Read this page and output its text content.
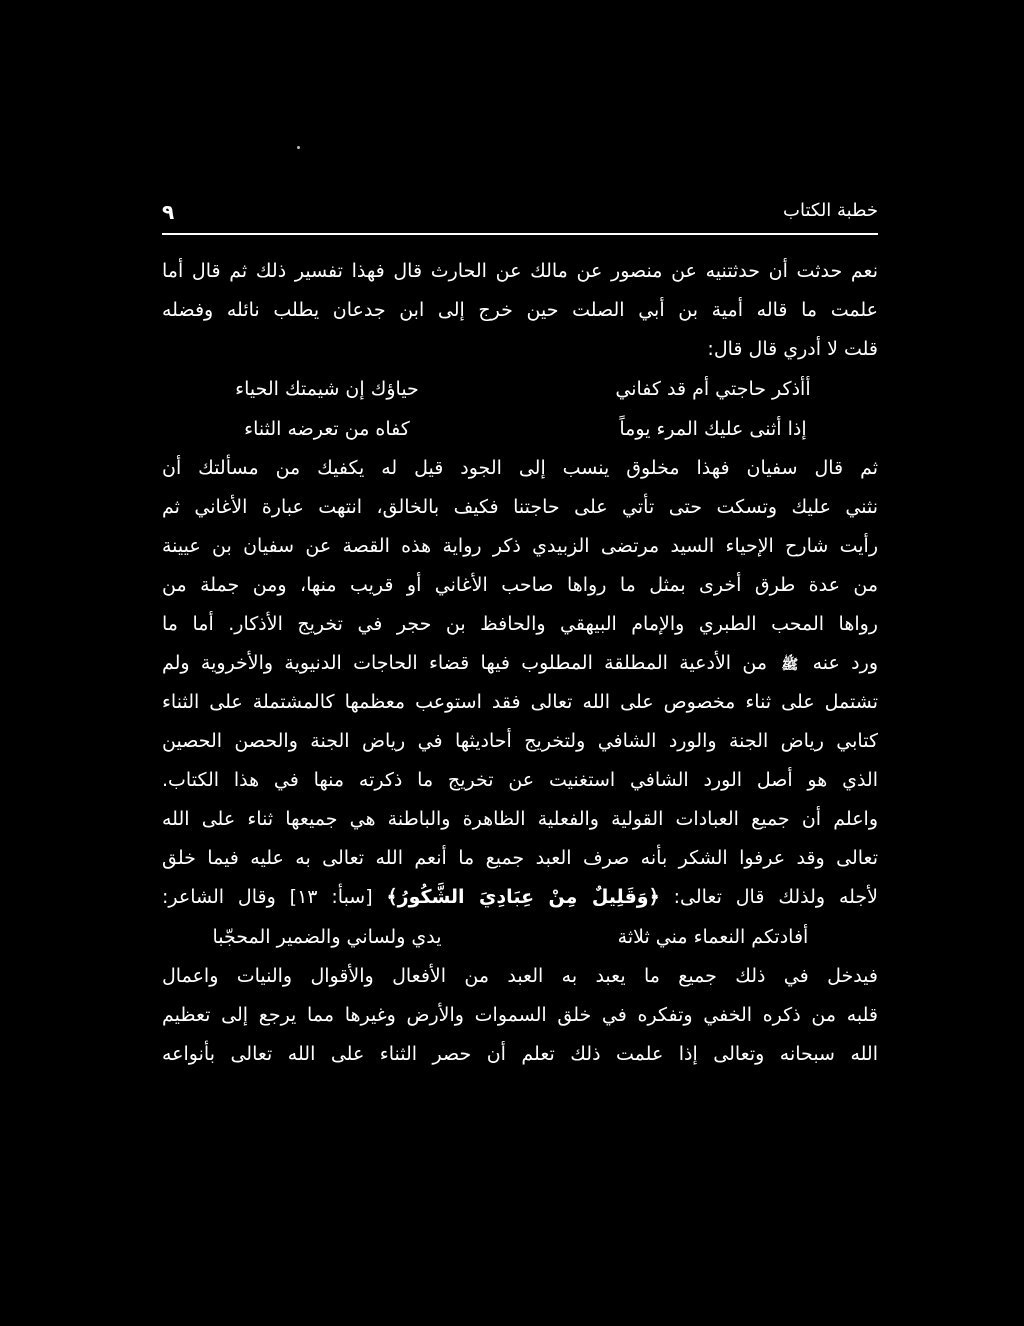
٩	خطبة الكتاب
نعم حدثت أن حدثتنيه عن منصور عن مالك عن الحارث قال فهذا تفسير ذلك ثم قال أما
علمت ما قاله أمية بن أبي الصلت حين خرج إلى ابن جدعان يطلب نائله وفضله
قلت لا أدري قال قال:
أأذكر حاجتي أم قد كفاني
حياؤك إن شيمتك الحياء
إذا أثنى عليك المرء يوماً
كفاه من تعرضه الثناء
ثم قال سفيان فهذا مخلوق ينسب إلى الجود قيل له يكفيك من مسألتك أن
نثني عليك وتسكت حتى تأتي على حاجتنا فكيف بالخالق، انتهت عبارة الأغاني ثم
رأيت شارح الإحياء السيد مرتضى الزبيدي ذكر رواية هذه القصة عن سفيان بن عيينة
من عدة طرق أخرى بمثل ما رواها صاحب الأغاني أو قريب منها، ومن جملة من
رواها المحب الطبري والإمام البيهقي والحافظ بن حجر في تخريج الأذكار. أما ما
ورد عنه ﷺ من الأدعية المطلقة المطلوب فيها قضاء الحاجات الدنيوية والأخروية ولم
تشتمل على ثناء مخصوص على الله تعالى فقد استوعب معظمها كالمشتملة على الثناء
كتابي رياض الجنة والورد الشافي ولتخريج أحاديثها في رياض الجنة والحصن الحصين
الذي هو أصل الورد الشافي استغنيت عن تخريج ما ذكرته منها في هذا الكتاب.
واعلم أن جميع العبادات القولية والفعلية الظاهرة والباطنة هي جميعها ثناء على الله
تعالى وقد عرفوا الشكر بأنه صرف العبد جميع ما أنعم الله تعالى به عليه فيما خلق
لأجله ولذلك قال تعالى: ﴿وَقَلِيلٌ مِنْ عِبَادِيَ الشَّكُورُ﴾ [سبأ: ١٣] وقال الشاعر:
أفادتكم النعماء مني ثلاثة
يدي ولساني والضمير المحجّبا
فيدخل في ذلك جميع ما يعبد به العبد من الأفعال والأقوال والنيات واعمال
قلبه من ذكره الخفي وتفكره في خلق السموات والأرض وغيرها مما يرجع إلى تعظيم
الله سبحانه وتعالى إذا علمت ذلك تعلم أن حصر الثناء على الله تعالى بأنواعه
